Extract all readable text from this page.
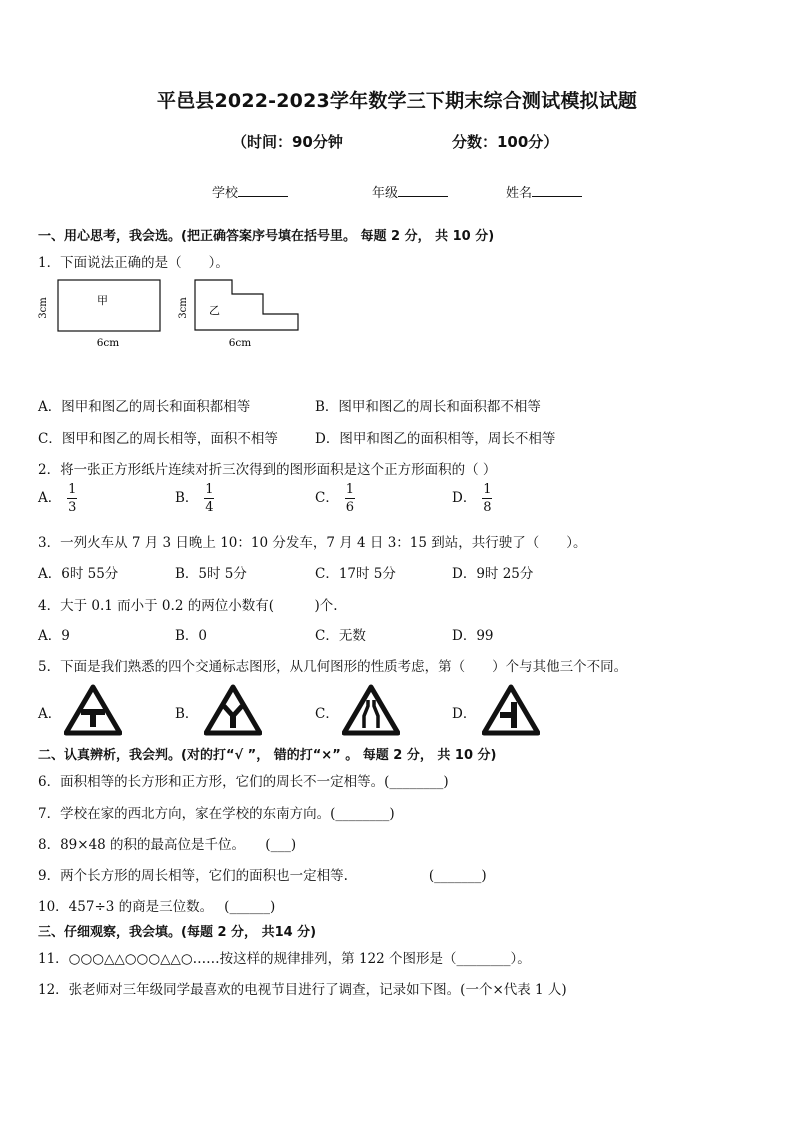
平邑县2022-2023学年数学三下期末综合测试模拟试题
（时间：90分钟	分数：100分）
学校	年级	姓名
一、用心思考，我会选。(把正确答案序号填在括号里。 每题 2 分， 共 10 分)
1．下面说法正确的是（　　）。
甲
3cm
6cm
乙
3cm
6cm
A．图甲和图乙的周长和面积都相等	B．图甲和图乙的周长和面积都不相等
C．图甲和图乙的周长相等，面积不相等	D．图甲和图乙的面积相等，周长不相等
2．将一张正方形纸片连续对折三次得到的图形面积是这个正方形面积的（ ）
A． $\frac{1}{3}$	B． $\frac{1}{4}$	C． $\frac{1}{6}$	D． $\frac{1}{8}$
3．一列火车从 7 月 3 日晚上 10：10 分发车，7 月 4 日 3：15 到站，共行驶了（　　）。
A．6时 55分	B．5时 5分	C．17时 5分	D．9时 25分
4．大于 0.1 而小于 0.2 的两位小数有(　　　)个.
A．9	B．0	C．无数	D．99
5．下面是我们熟悉的四个交通标志图形，从几何图形的性质考虑，第（　　）个与其他三个不同。
A．	B．	C．	D．
二、认真辨析，我会判。(对的打“√ ”， 错的打“×” 。 每题 2 分， 共 10 分)
6．面积相等的长方形和正方形，它们的周长不一定相等。(________)
7．学校在家的西北方向，家在学校的东南方向。(________)
8．89×48 的积的最高位是千位。　　(___)
9．两个长方形的周长相等，它们的面积也一定相等.　　　　　　(_______)
10．457÷3 的商是三位数。　 (______)
三、仔细观察，我会填。(每题 2 分， 共14 分)
11．○○○△△○○○△△○……按这样的规律排列，第 122 个图形是（________）。
12．张老师对三年级同学最喜欢的电视节目进行了调查，记录如下图。(一个×代表 1 人)
